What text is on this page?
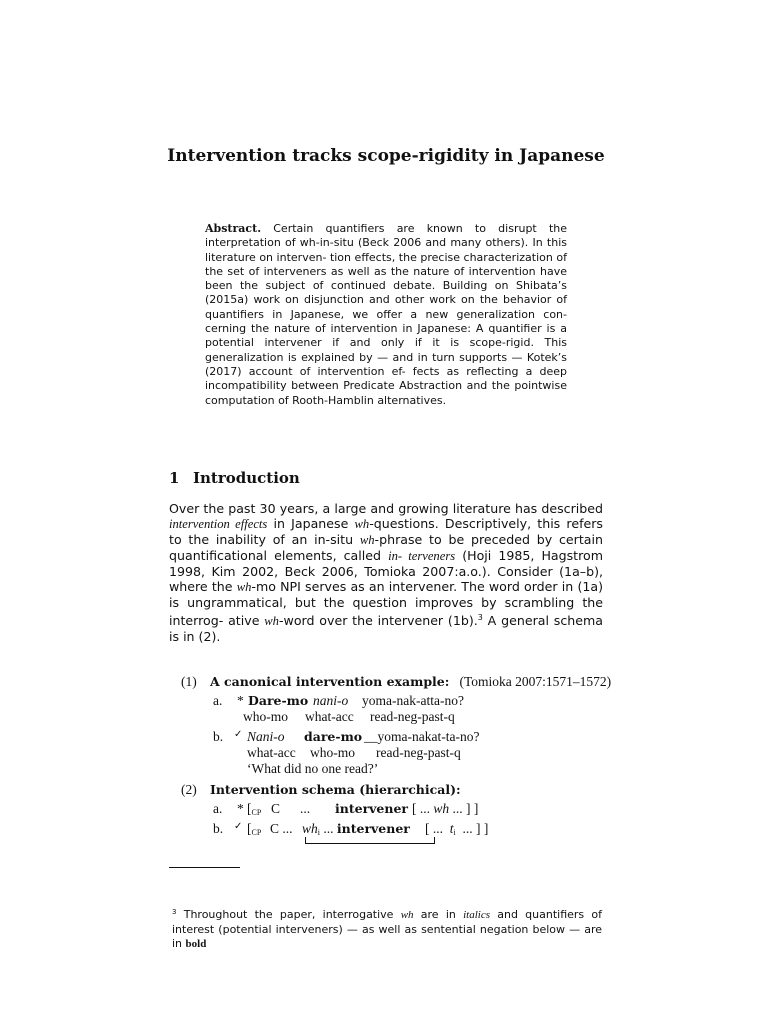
Intervention tracks scope-rigidity in Japanese
Abstract. Certain quantifiers are known to disrupt the interpretation of wh-in-situ (Beck 2006 and many others). In this literature on interven- tion effects, the precise characterization of the set of interveners as well as the nature of intervention have been the subject of continued debate. Building on Shibata’s (2015a) work on disjunction and other work on the behavior of quantifiers in Japanese, we offer a new generalization con- cerning the nature of intervention in Japanese: A quantifier is a potential intervener if and only if it is scope-rigid. This generalization is explained by — and in turn supports — Kotek’s (2017) account of intervention ef- fects as reflecting a deep incompatibility between Predicate Abstraction and the pointwise computation of Rooth-Hamblin alternatives.
1 Introduction
Over the past 30 years, a large and growing literature has described intervention effects in Japanese wh-questions. Descriptively, this refers to the inability of an in-situ wh-phrase to be preceded by certain quantificational elements, called in- terveners (Hoji 1985, Hagstrom 1998, Kim 2002, Beck 2006, Tomioka 2007:a.o.). Consider (1a–b), where the wh-mo NPI serves as an intervener. The word order in (1a) is ungrammatical, but the question improves by scrambling the interrog- ative wh-word over the intervener (1b).$^3$ A general schema is in (2).
(1) A canonical intervention example: (Tomioka 2007:1571–1572)
a. * Dare-mo nani-o yoma-nak-atta-no?
who-mo what-acc read-neg-past-q
b. ✓ Nani-o dare-mo __yoma-nakat-ta-no?
what-acc who-mo read-neg-past-q
‘What did no one read?’
(2) Intervention schema (hierarchical):
a. * [$_{CP}$ C ... intervener [ ... wh ... ] ]
b. ✓ [$_{CP}$ C ... $wh_i$ ... intervener [ ... $t_i$ ... ] ]
$^3$ Throughout the paper, interrogative wh are in italics and quantifiers of interest (potential interveners) — as well as sentential negation below — are in bold
